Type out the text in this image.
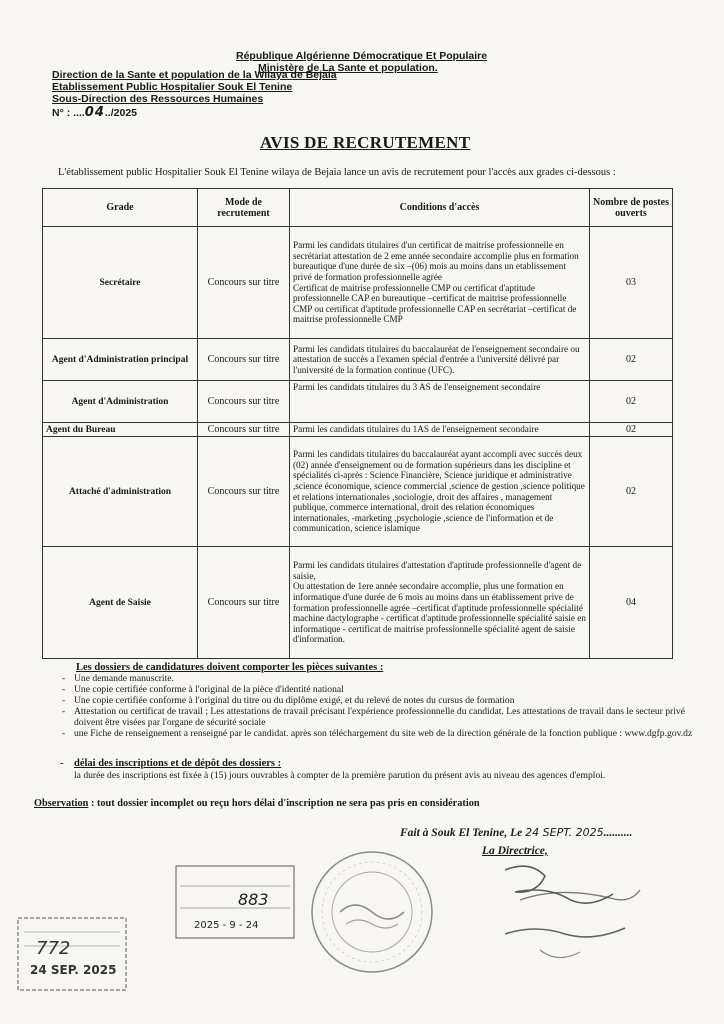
République Algérienne Démocratique Et Populaire
Ministère de La Sante et population.
Direction de la Sante et population de la Wilaya de Bejaia
Etablissement Public Hospitalier Souk El Tenine
Sous-Direction des Ressources Humaines
N° : ....04../2025
AVIS DE RECRUTEMENT
L'établissement public Hospitalier Souk El Tenine wilaya de Bejaia lance un avis de recrutement pour l'accès aux grades ci-dessous :
Grade	Mode de recrutement	Conditions d'accès	Nombre de postes ouverts
Secrétaire	Concours sur titre	Parmi les candidats titulaires d'un certificat de maitrise professionnelle en secrétariat attestation de 2 eme année secondaire accomplie plus en formation bureautique d'une durée de six –(06) mois au moins dans un etablissement privé de formation professionnelle agrée
Certificat de maitrise professionnelle CMP ou certificat d'aptitude professionnelle CAP en bureautique –certificat de maitrise professionnelle CMP ou certificat d'aptitude professionnelle CAP en secrétariat –certificat de maitrise professionnelle CMP	03
Agent d'Administration principal	Concours sur titre	Parmi les candidats titulaires du baccalauréat de l'enseignement secondaire ou attestation de succès a l'examen spécial d'entrée a l'université délivré par l'université de la formation continue (UFC).	02
Agent d'Administration	Concours sur titre	Parmi les candidats titulaires du 3 AS de l'enseignement secondaire	02
Agent du Bureau	Concours sur titre	Parmi les candidats titulaires du 1AS de l'enseignement secondaire	02
Attaché d'administration	Concours sur titre	Parmi les candidats titulaires du baccalauréat ayant accompli avec succès deux (02) année d'enseignement ou de formation supérieurs dans les discipline et spécialités ci-après : Science Financière, Science juridique et administrative ,science économique, science commercial ,science de gestion ,science politique et relations internationales ,sociologie, droit des affaires , management publique, commerce international, droit des relation économiques internationales, -marketing ,psychologie ,science de l'information et de communication, science islamique	02
Agent de Saisie	Concours sur titre	Parmi les candidats titulaires d'attestation d'aptitude professionnelle d'agent de saisie,
Ou attestation de 1ere année secondaire accomplie, plus une formation en informatique d'une durée de 6 mois au moins dans un établissement prive de formation professionnelle agrée –certificat d'aptitude professionnelle spécialité machine dactylographe - certificat d'aptitude professionnelle spécialité saisie en informatique - certificat de maitrise professionnelle spécialité agent de saisie d'information.	04
Les dossiers de candidatures doivent comporter les pièces suivantes :
- Une demande manuscrite.
- Une copie certifiée conforme à l'original de la pièce d'identité national
- Une copie certifiée conforme à l'original du titre ou du diplôme exigé, et du relevé de notes du cursus de formation
- Attestation ou certificat de travail ; Les attestations de travail précisant l'expérience professionnelle du candidat. Les attestations de travail dans le secteur privé doivent être visées par l'organe de sécurité sociale
- une Fiche de renseignement a renseigné par le candidat. après son téléchargement du site web de la direction générale de la fonction publique : www.dgfp.gov.dz
- délai des inscriptions et de dépôt des dossiers :
la durée des inscriptions est fixée à (15) jours ouvrables à compter de la première parution du présent avis au niveau des agences d'emploi.
Observation : tout dossier incomplet ou reçu hors délai d'inscription ne sera pas pris en considération
Fait à Souk El Tenine, Le 24 SEPT. 2025..........
La Directrice,
772
24 SEP. 2025
883
2025 - 9 - 24
